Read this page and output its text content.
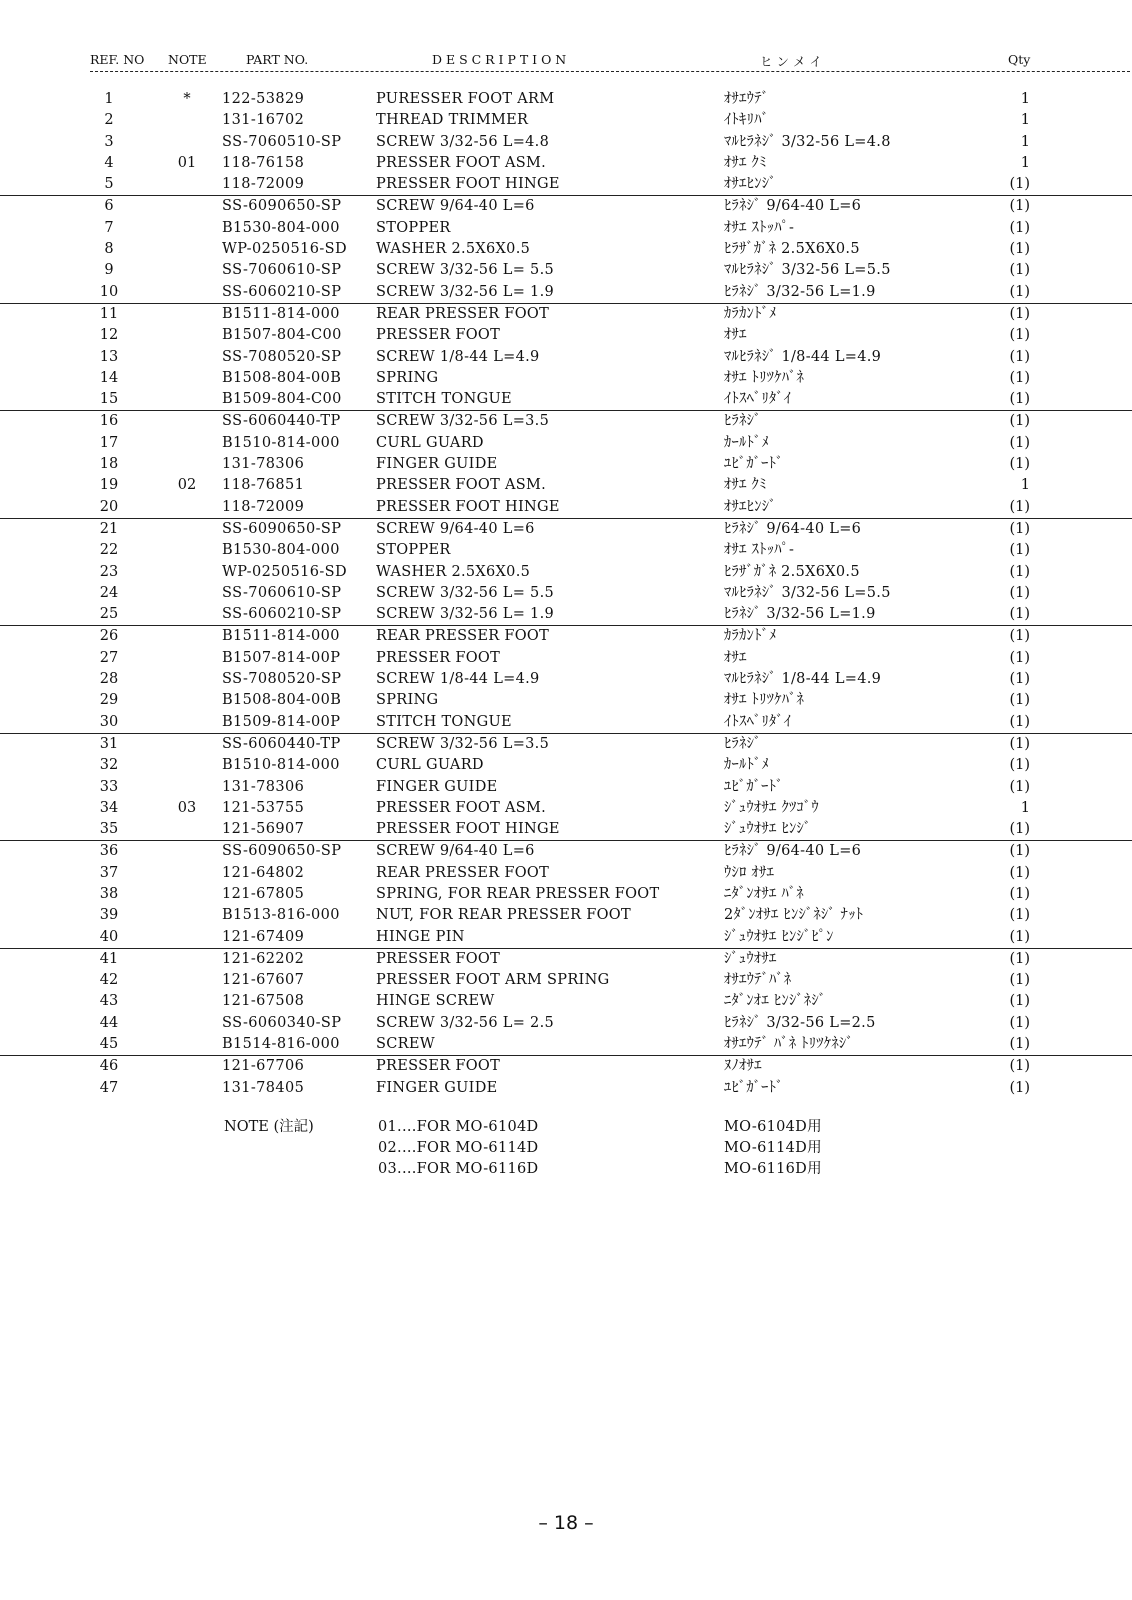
REF. NO NOTE	PART NO.	D E S C R I P T I O N	ヒ ン メ イ	Qty
1	*	122-53829	PURESSER FOOT ARM	ｵｻｴｳﾃﾞ	1
2	131-16702	THREAD TRIMMER	ｲﾄｷﾘﾊﾞ	1
3	SS-7060510-SP SCREW 3/32-56 L=4.8	ﾏﾙﾋﾗﾈｼﾞ 3/32-56 L=4.8	1
4	01	118-76158	PRESSER FOOT ASM.	ｵｻｴ ｸﾐ	1
5	118-72009	PRESSER FOOT HINGE	ｵｻｴﾋﾝｼﾞ	(1)
6	SS-6090650-SP SCREW 9/64-40 L=6	ﾋﾗﾈｼﾞ 9/64-40 L=6	(1)
7	B1530-804-000 STOPPER	ｵｻｴ ｽﾄｯﾊﾟ-	(1)
8	WP-0250516-SD WASHER 2.5X6X0.5	ﾋﾗｻﾞｶﾞﾈ 2.5X6X0.5	(1)
9	SS-7060610-SP SCREW 3/32-56 L= 5.5	ﾏﾙﾋﾗﾈｼﾞ 3/32-56 L=5.5	(1)
10	SS-6060210-SP SCREW 3/32-56 L= 1.9	ﾋﾗﾈｼﾞ 3/32-56 L=1.9	(1)
11	B1511-814-000 REAR PRESSER FOOT	ｶﾗｶﾝﾄﾞﾒ	(1)
12	B1507-804-C00 PRESSER FOOT	ｵｻｴ	(1)
13	SS-7080520-SP SCREW 1/8-44 L=4.9	ﾏﾙﾋﾗﾈｼﾞ 1/8-44 L=4.9	(1)
14	B1508-804-00B SPRING	ｵｻｴ ﾄﾘﾂｹﾊﾞﾈ	(1)
15	B1509-804-C00 STITCH TONGUE	ｲﾄｽﾍﾞﾘﾀﾞｲ	(1)
16	SS-6060440-TP SCREW 3/32-56 L=3.5	ﾋﾗﾈｼﾞ	(1)
17	B1510-814-000 CURL GUARD	ｶｰﾙﾄﾞﾒ	(1)
18	131-78306	FINGER GUIDE	ﾕﾋﾞｶﾞｰﾄﾞ	(1)
19	02	118-76851	PRESSER FOOT ASM.	ｵｻｴ ｸﾐ	1
20	118-72009	PRESSER FOOT HINGE	ｵｻｴﾋﾝｼﾞ	(1)
21	SS-6090650-SP SCREW 9/64-40 L=6	ﾋﾗﾈｼﾞ 9/64-40 L=6	(1)
22	B1530-804-000 STOPPER	ｵｻｴ ｽﾄｯﾊﾟ-	(1)
23	WP-0250516-SD WASHER 2.5X6X0.5	ﾋﾗｻﾞｶﾞﾈ 2.5X6X0.5	(1)
24	SS-7060610-SP SCREW 3/32-56 L= 5.5	ﾏﾙﾋﾗﾈｼﾞ 3/32-56 L=5.5	(1)
25	SS-6060210-SP SCREW 3/32-56 L= 1.9	ﾋﾗﾈｼﾞ 3/32-56 L=1.9	(1)
26	B1511-814-000 REAR PRESSER FOOT	ｶﾗｶﾝﾄﾞﾒ	(1)
27	B1507-814-00P PRESSER FOOT	ｵｻｴ	(1)
28	SS-7080520-SP SCREW 1/8-44 L=4.9	ﾏﾙﾋﾗﾈｼﾞ 1/8-44 L=4.9	(1)
29	B1508-804-00B SPRING	ｵｻｴ ﾄﾘﾂｹﾊﾞﾈ	(1)
30	B1509-814-00P STITCH TONGUE	ｲﾄｽﾍﾞﾘﾀﾞｲ	(1)
31	SS-6060440-TP SCREW 3/32-56 L=3.5	ﾋﾗﾈｼﾞ	(1)
32	B1510-814-000 CURL GUARD	ｶｰﾙﾄﾞﾒ	(1)
33	131-78306	FINGER GUIDE	ﾕﾋﾞｶﾞｰﾄﾞ	(1)
34	03	121-53755	PRESSER FOOT ASM.	ｼﾞｭｳｵｻｴ ｸﾂｺﾞｳ	1
35	121-56907	PRESSER FOOT HINGE	ｼﾞｭｳｵｻｴ ﾋﾝｼﾞ	(1)
36	SS-6090650-SP SCREW 9/64-40 L=6	ﾋﾗﾈｼﾞ 9/64-40 L=6	(1)
37	121-64802	REAR PRESSER FOOT	ｳｼﾛ ｵｻｴ	(1)
38	121-67805	SPRING, FOR REAR PRESSER FOOT	ﾆﾀﾞﾝｵｻｴ ﾊﾞﾈ	(1)
39	B1513-816-000 NUT, FOR REAR PRESSER FOOT	2ﾀﾞﾝｵｻｴ ﾋﾝｼﾞﾈｼﾞ ﾅｯﾄ	(1)
40	121-67409	HINGE PIN	ｼﾞｭｳｵｻｴ ﾋﾝｼﾞﾋﾟﾝ	(1)
41	121-62202	PRESSER FOOT	ｼﾞｭｳｵｻｴ	(1)
42	121-67607	PRESSER FOOT ARM SPRING	ｵｻｴｳﾃﾞﾊﾞﾈ	(1)
43	121-67508	HINGE SCREW	ﾆﾀﾞﾝｵｴ ﾋﾝｼﾞﾈｼﾞ	(1)
44	SS-6060340-SP SCREW 3/32-56 L= 2.5	ﾋﾗﾈｼﾞ 3/32-56 L=2.5	(1)
45	B1514-816-000 SCREW	ｵｻｴｳﾃﾞ ﾊﾞﾈ ﾄﾘﾂｹﾈｼﾞ	(1)
46	121-67706	PRESSER FOOT	ﾇﾉｵｻｴ	(1)
47	131-78405	FINGER GUIDE	ﾕﾋﾞｶﾞｰﾄﾞ	(1)
NOTE (注記)	01....FOR MO-6104D	MO-6104D用
02....FOR MO-6114D	MO-6114D用
03....FOR MO-6116D	MO-6116D用
– 18 –
